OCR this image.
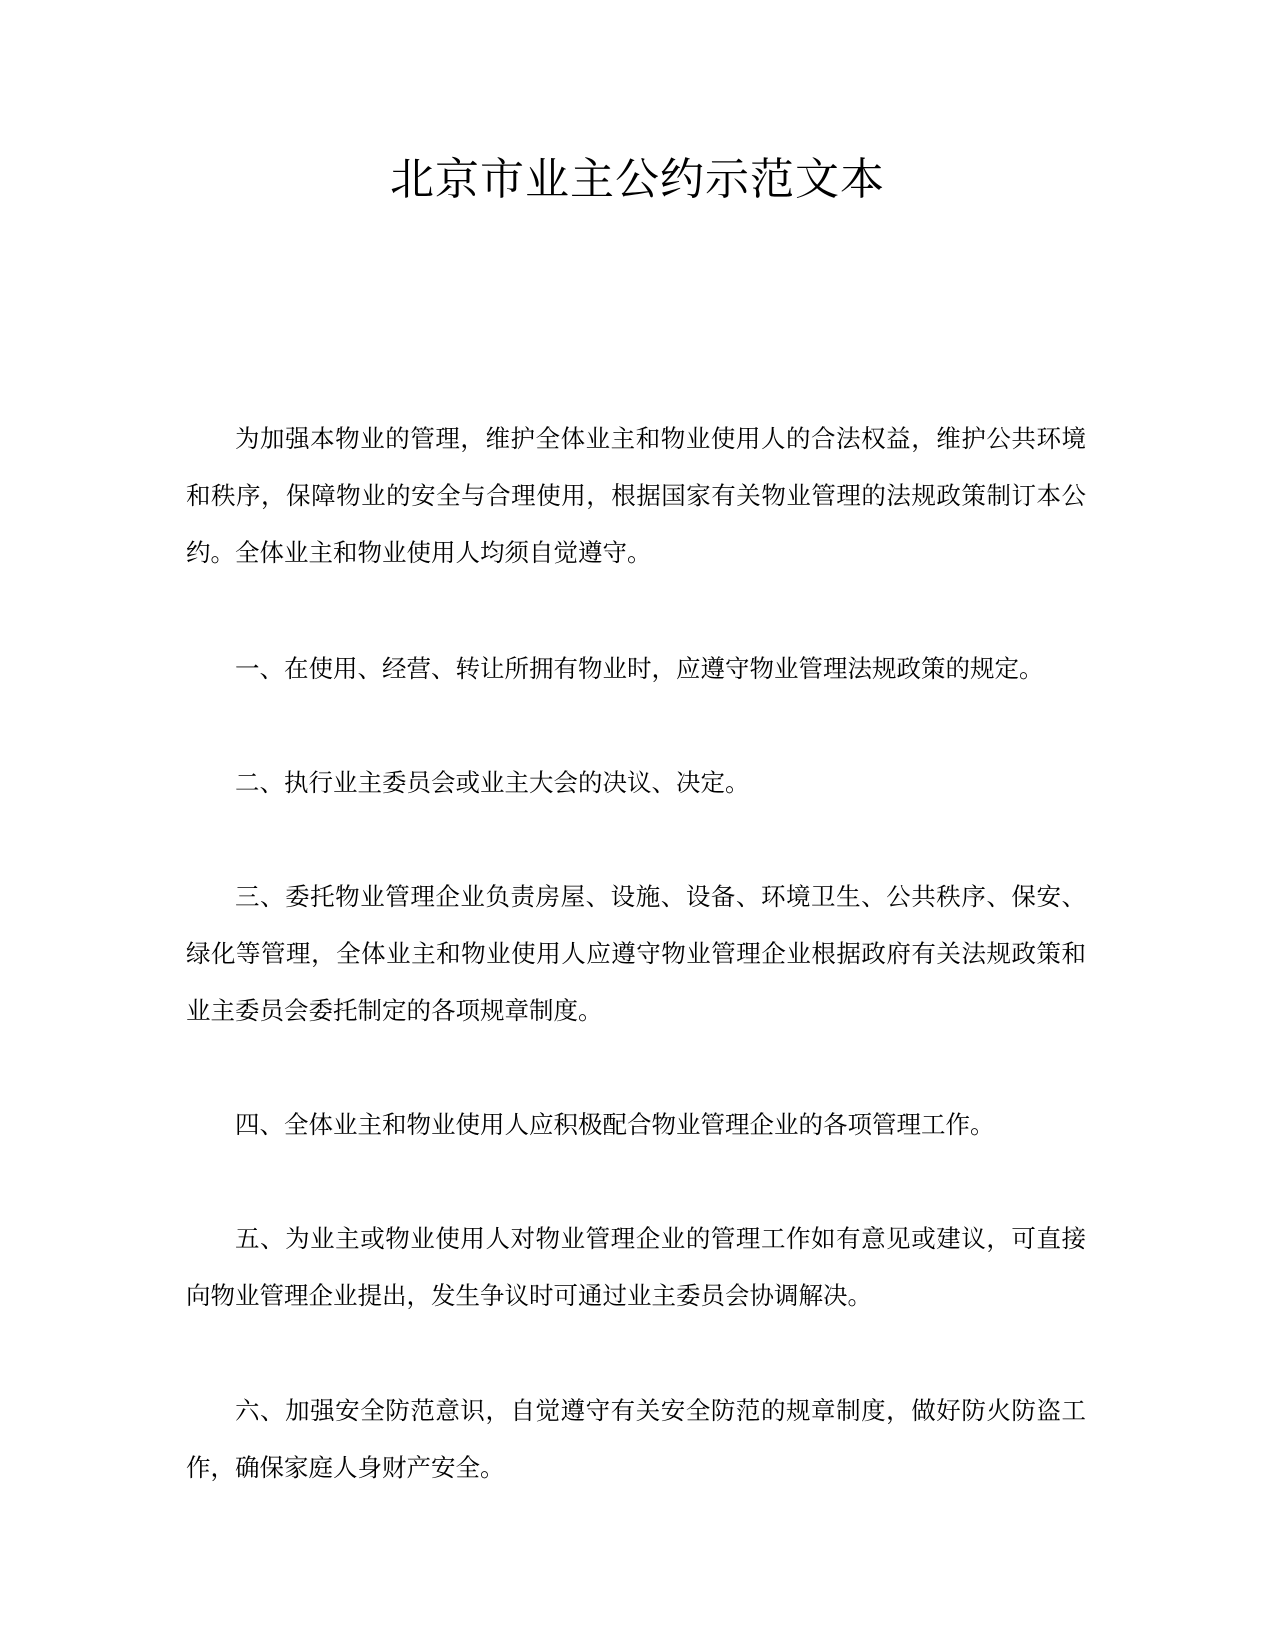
北京市业主公约示范文本

为加强本物业的管理，维护全体业主和物业使用人的合法权益，维护公共环境和秩序，保障物业的安全与合理使用，根据国家有关物业管理的法规政策制订本公约。全体业主和物业使用人均须自觉遵守。

一、在使用、经营、转让所拥有物业时，应遵守物业管理法规政策的规定。

二、执行业主委员会或业主大会的决议、决定。

三、委托物业管理企业负责房屋、设施、设备、环境卫生、公共秩序、保安、绿化等管理，全体业主和物业使用人应遵守物业管理企业根据政府有关法规政策和业主委员会委托制定的各项规章制度。

四、全体业主和物业使用人应积极配合物业管理企业的各项管理工作。

五、为业主或物业使用人对物业管理企业的管理工作如有意见或建议，可直接向物业管理企业提出，发生争议时可通过业主委员会协调解决。

六、加强安全防范意识，自觉遵守有关安全防范的规章制度，做好防火防盗工作，确保家庭人身财产安全。
